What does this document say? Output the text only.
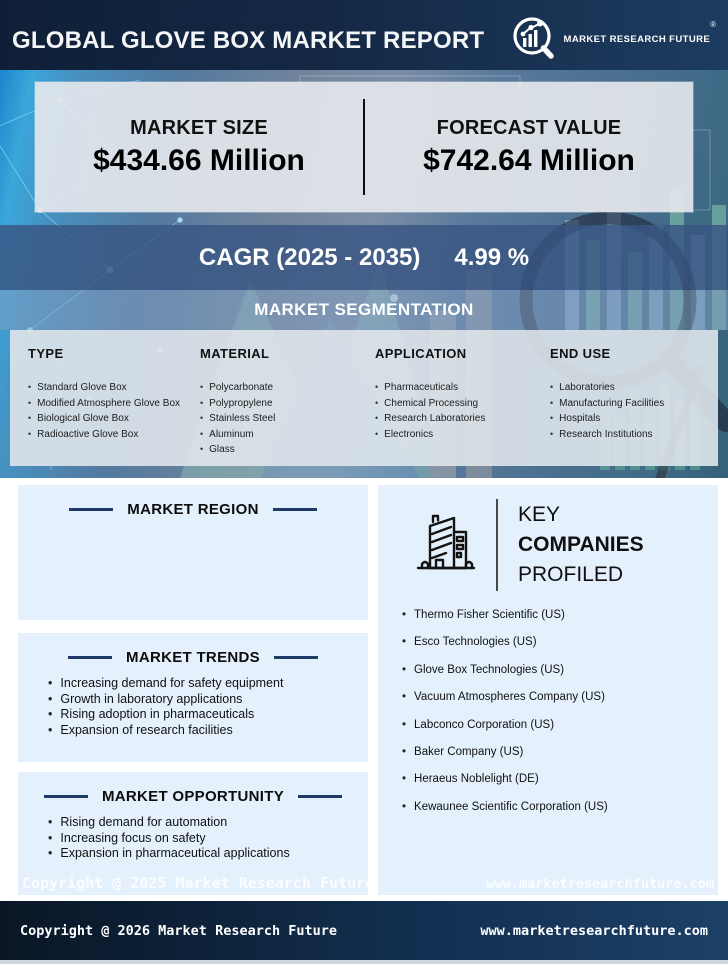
GLOBAL GLOVE BOX MARKET REPORT	MARKET RESEARCH FUTURE®
MARKET SIZE
$434.66 Million
FORECAST VALUE
$742.64 Million
CAGR (2025 - 2035) 4.99 %
MARKET SEGMENTATION
TYPE
• Standard Glove Box
• Modified Atmosphere Glove Box
• Biological Glove Box
• Radioactive Glove Box
MATERIAL
• Polycarbonate
• Polypropylene
• Stainless Steel
• Aluminum
• Glass
APPLICATION
• Pharmaceuticals
• Chemical Processing
• Research Laboratories
• Electronics
END USE
• Laboratories
• Manufacturing Facilities
• Hospitals
• Research Institutions
MARKET REGION
MARKET TRENDS
• Increasing demand for safety equipment
• Growth in laboratory applications
• Rising adoption in pharmaceuticals
• Expansion of research facilities
MARKET OPPORTUNITY
• Rising demand for automation
• Increasing focus on safety
• Expansion in pharmaceutical applications
KEY
COMPANIES
PROFILED
• Thermo Fisher Scientific (US)
• Esco Technologies (US)
• Glove Box Technologies (US)
• Vacuum Atmospheres Company (US)
• Labconco Corporation (US)
• Baker Company (US)
• Heraeus Noblelight (DE)
• Kewaunee Scientific Corporation (US)
Copyright @ 2025 Market Research Future	www.marketresearchfuture.com
Copyright @ 2026 Market Research Future	www.marketresearchfuture.com
